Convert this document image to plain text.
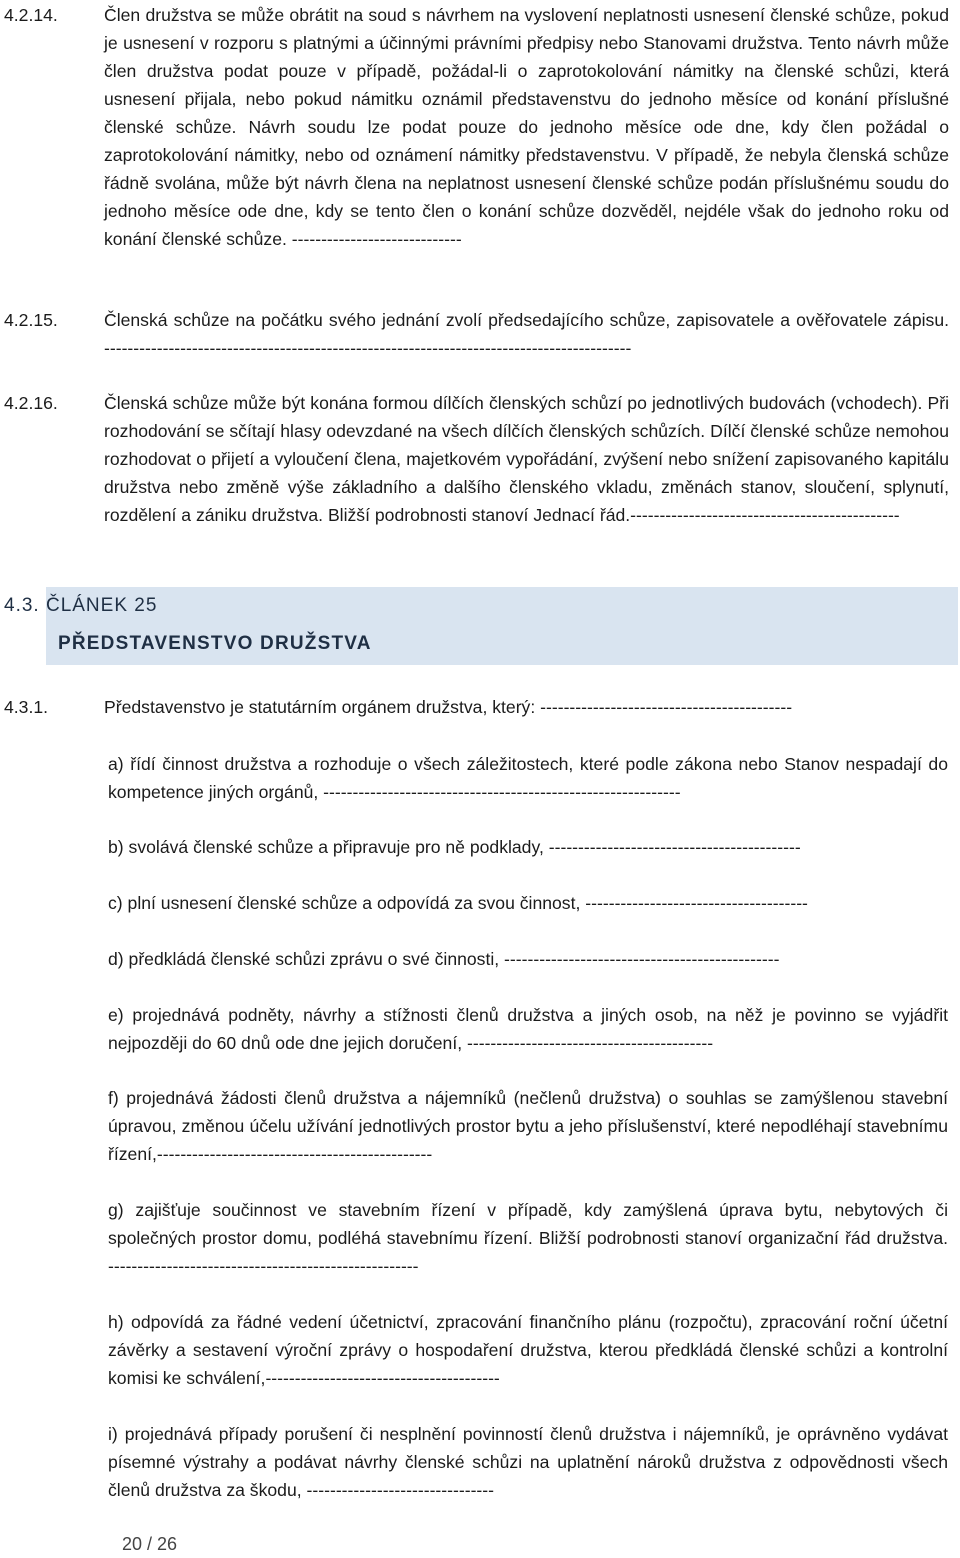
4.2.14.	Člen družstva se může obrátit na soud s návrhem na vyslovení neplatnosti usnesení členské schůze, pokud je usnesení v rozporu s platnými a účinnými právními předpisy nebo Stanovami družstva. Tento návrh může člen družstva podat pouze v případě, požádal-li o zaprotokolování námitky na členské schůzi, která usnesení přijala, nebo pokud námitku oznámil představenstvu do jednoho měsíce od konání příslušné členské schůze. Návrh soudu lze podat pouze do jednoho měsíce ode dne, kdy člen požádal o zaprotokolování námitky, nebo od oznámení námitky představenstvu. V případě, že nebyla členská schůze řádně svolána, může být návrh člena na neplatnost usnesení členské schůze podán příslušnému soudu do jednoho měsíce ode dne, kdy se tento člen o konání schůze dozvěděl, nejdéle však do jednoho roku od konání členské schůze. -----------------------------
4.2.15.	Členská schůze na počátku svého jednání zvolí předsedajícího schůze, zapisovatele a ověřovatele zápisu. ------------------------------------------------------------------------------------------
4.2.16.	Členská schůze může být konána formou dílčích členských schůzí po jednotlivých budovách (vchodech). Při rozhodování se sčítají hlasy odevzdané na všech dílčích členských schůzích. Dílčí členské schůze nemohou rozhodovat o přijetí a vyloučení člena, majetkovém vypořádání, zvýšení nebo snížení zapisovaného kapitálu družstva nebo změně výše základního a dalšího členského vkladu, změnách stanov, sloučení, splynutí, rozdělení a zániku družstva. Bližší podrobnosti stanoví Jednací řád.----------------------------------------------
4.3. ČLÁNEK 25
PŘEDSTAVENSTVO DRUŽSTVA
4.3.1.	Představenstvo je statutárním orgánem družstva, který: -------------------------------------------
a) řídí činnost družstva a rozhoduje o všech záležitostech, které podle zákona nebo Stanov nespadají do kompetence jiných orgánů, -------------------------------------------------------------
b) svolává členské schůze a připravuje pro ně podklady, -------------------------------------------
c) plní usnesení členské schůze a odpovídá za svou činnost, --------------------------------------
d) předkládá členské schůzi zprávu o své činnosti, -----------------------------------------------
e) projednává podněty, návrhy a stížnosti členů družstva a jiných osob, na něž je povinno se vyjádřit nejpozději do 60 dnů ode dne jejich doručení, ------------------------------------------
f) projednává žádosti členů družstva a nájemníků (nečlenů družstva) o souhlas se zamýšlenou stavební úpravou, změnou účelu užívání jednotlivých prostor bytu a jeho příslušenství, které nepodléhají stavebnímu řízení,-----------------------------------------------
g) zajišťuje součinnost ve stavebním řízení v případě, kdy zamýšlená úprava bytu, nebytových či společných prostor domu, podléhá stavebnímu řízení. Bližší podrobnosti stanoví organizační řád družstva. -----------------------------------------------------
h) odpovídá za řádné vedení účetnictví, zpracování finančního plánu (rozpočtu), zpracování roční účetní závěrky a sestavení výroční zprávy o hospodaření družstva, kterou předkládá členské schůzi a kontrolní komisi ke schválení,----------------------------------------
i) projednává případy porušení či nesplnění povinností členů družstva i nájemníků, je oprávněno vydávat písemné výstrahy a podávat návrhy členské schůzi na uplatnění nároků družstva z odpovědnosti všech členů družstva za škodu, --------------------------------
20 / 26
